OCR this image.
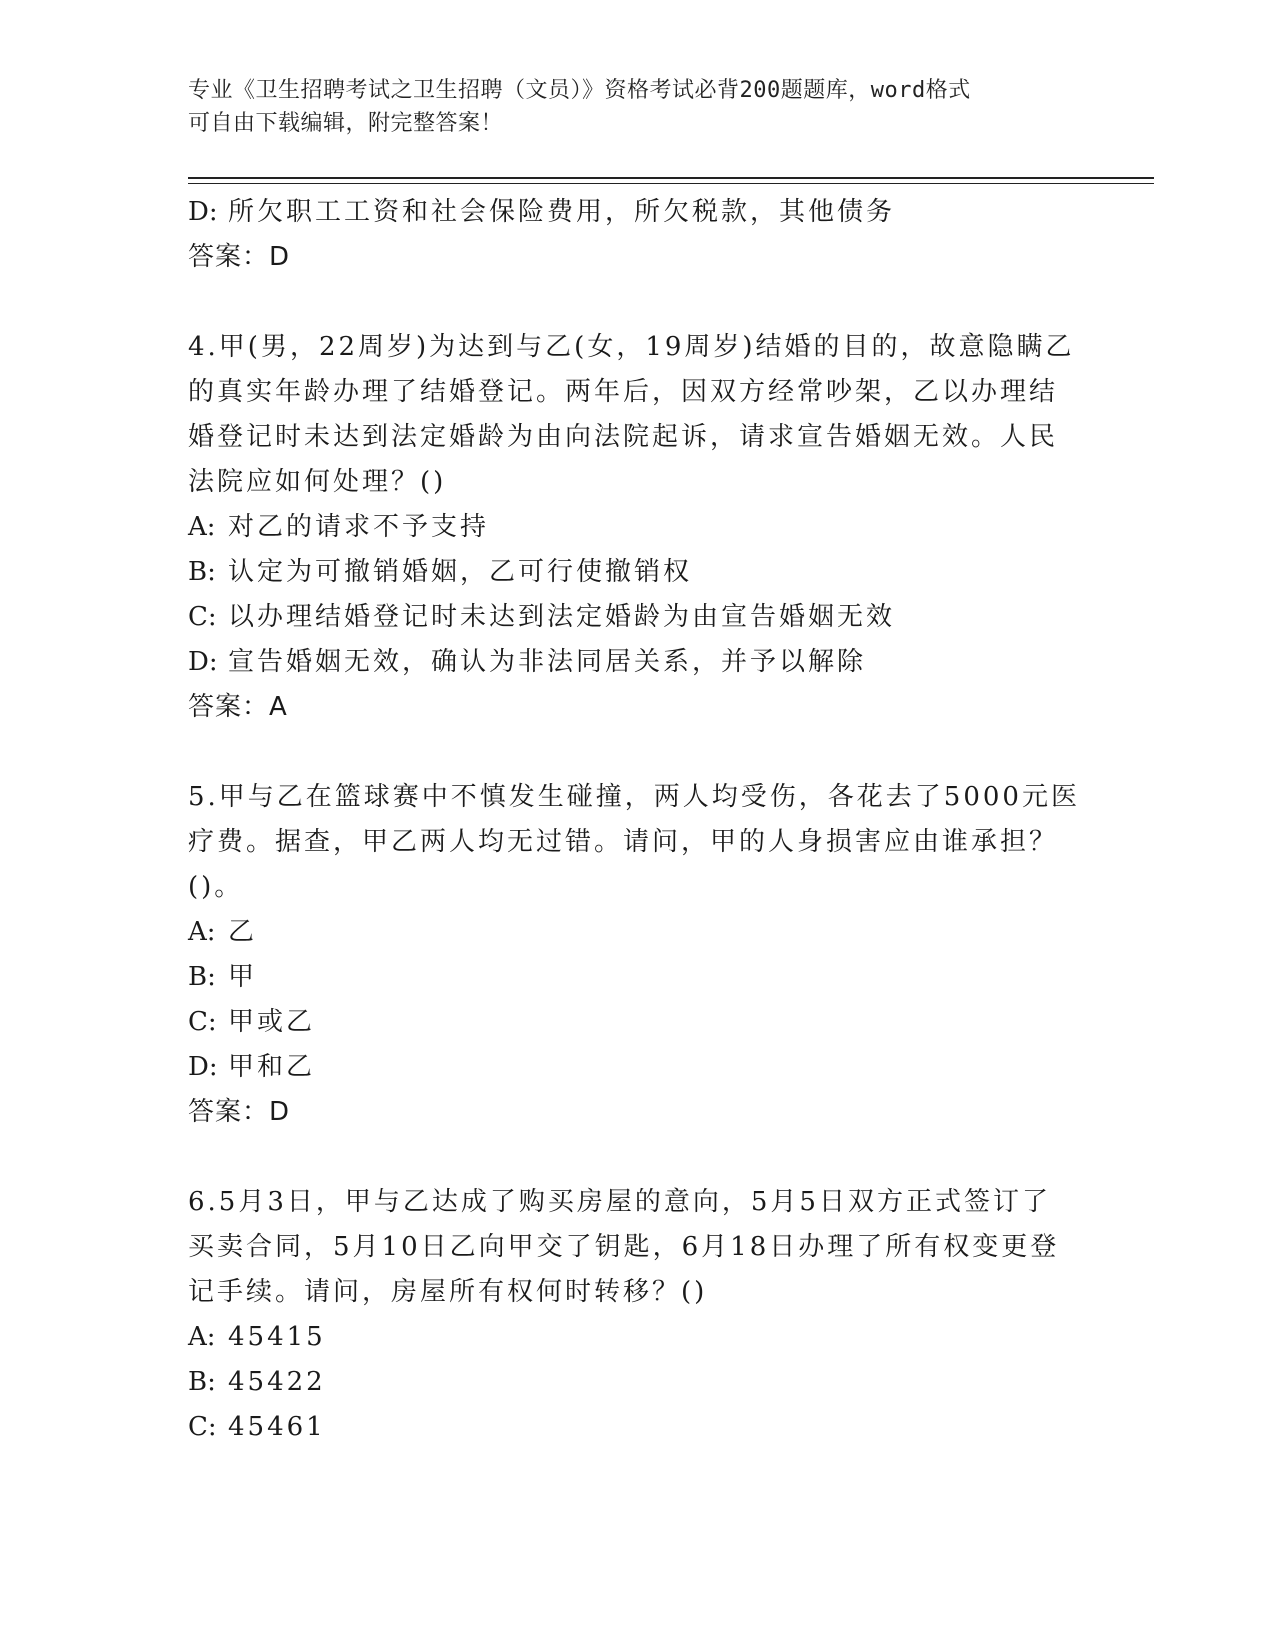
专业《卫生招聘考试之卫生招聘（文员）》资格考试必背200题题库，word格式
可自由下载编辑，附完整答案！

D: 所欠职工工资和社会保险费用，所欠税款，其他债务

答案：D

4.甲(男，22周岁)为达到与乙(女，19周岁)结婚的目的，故意隐瞒乙

的真实年龄办理了结婚登记。两年后，因双方经常吵架，乙以办理结

婚登记时未达到法定婚龄为由向法院起诉，请求宣告婚姻无效。人民

法院应如何处理？()

A: 对乙的请求不予支持

B: 认定为可撤销婚姻，乙可行使撤销权

C: 以办理结婚登记时未达到法定婚龄为由宣告婚姻无效

D: 宣告婚姻无效，确认为非法同居关系，并予以解除

答案：A

5.甲与乙在篮球赛中不慎发生碰撞，两人均受伤，各花去了5000元医

疗费。据查，甲乙两人均无过错。请问，甲的人身损害应由谁承担？

()。

A: 乙

B: 甲

C: 甲或乙

D: 甲和乙

答案：D

6.5月3日，甲与乙达成了购买房屋的意向，5月5日双方正式签订了

买卖合同，5月10日乙向甲交了钥匙，6月18日办理了所有权变更登

记手续。请问，房屋所有权何时转移？()

A: 45415

B: 45422

C: 45461
